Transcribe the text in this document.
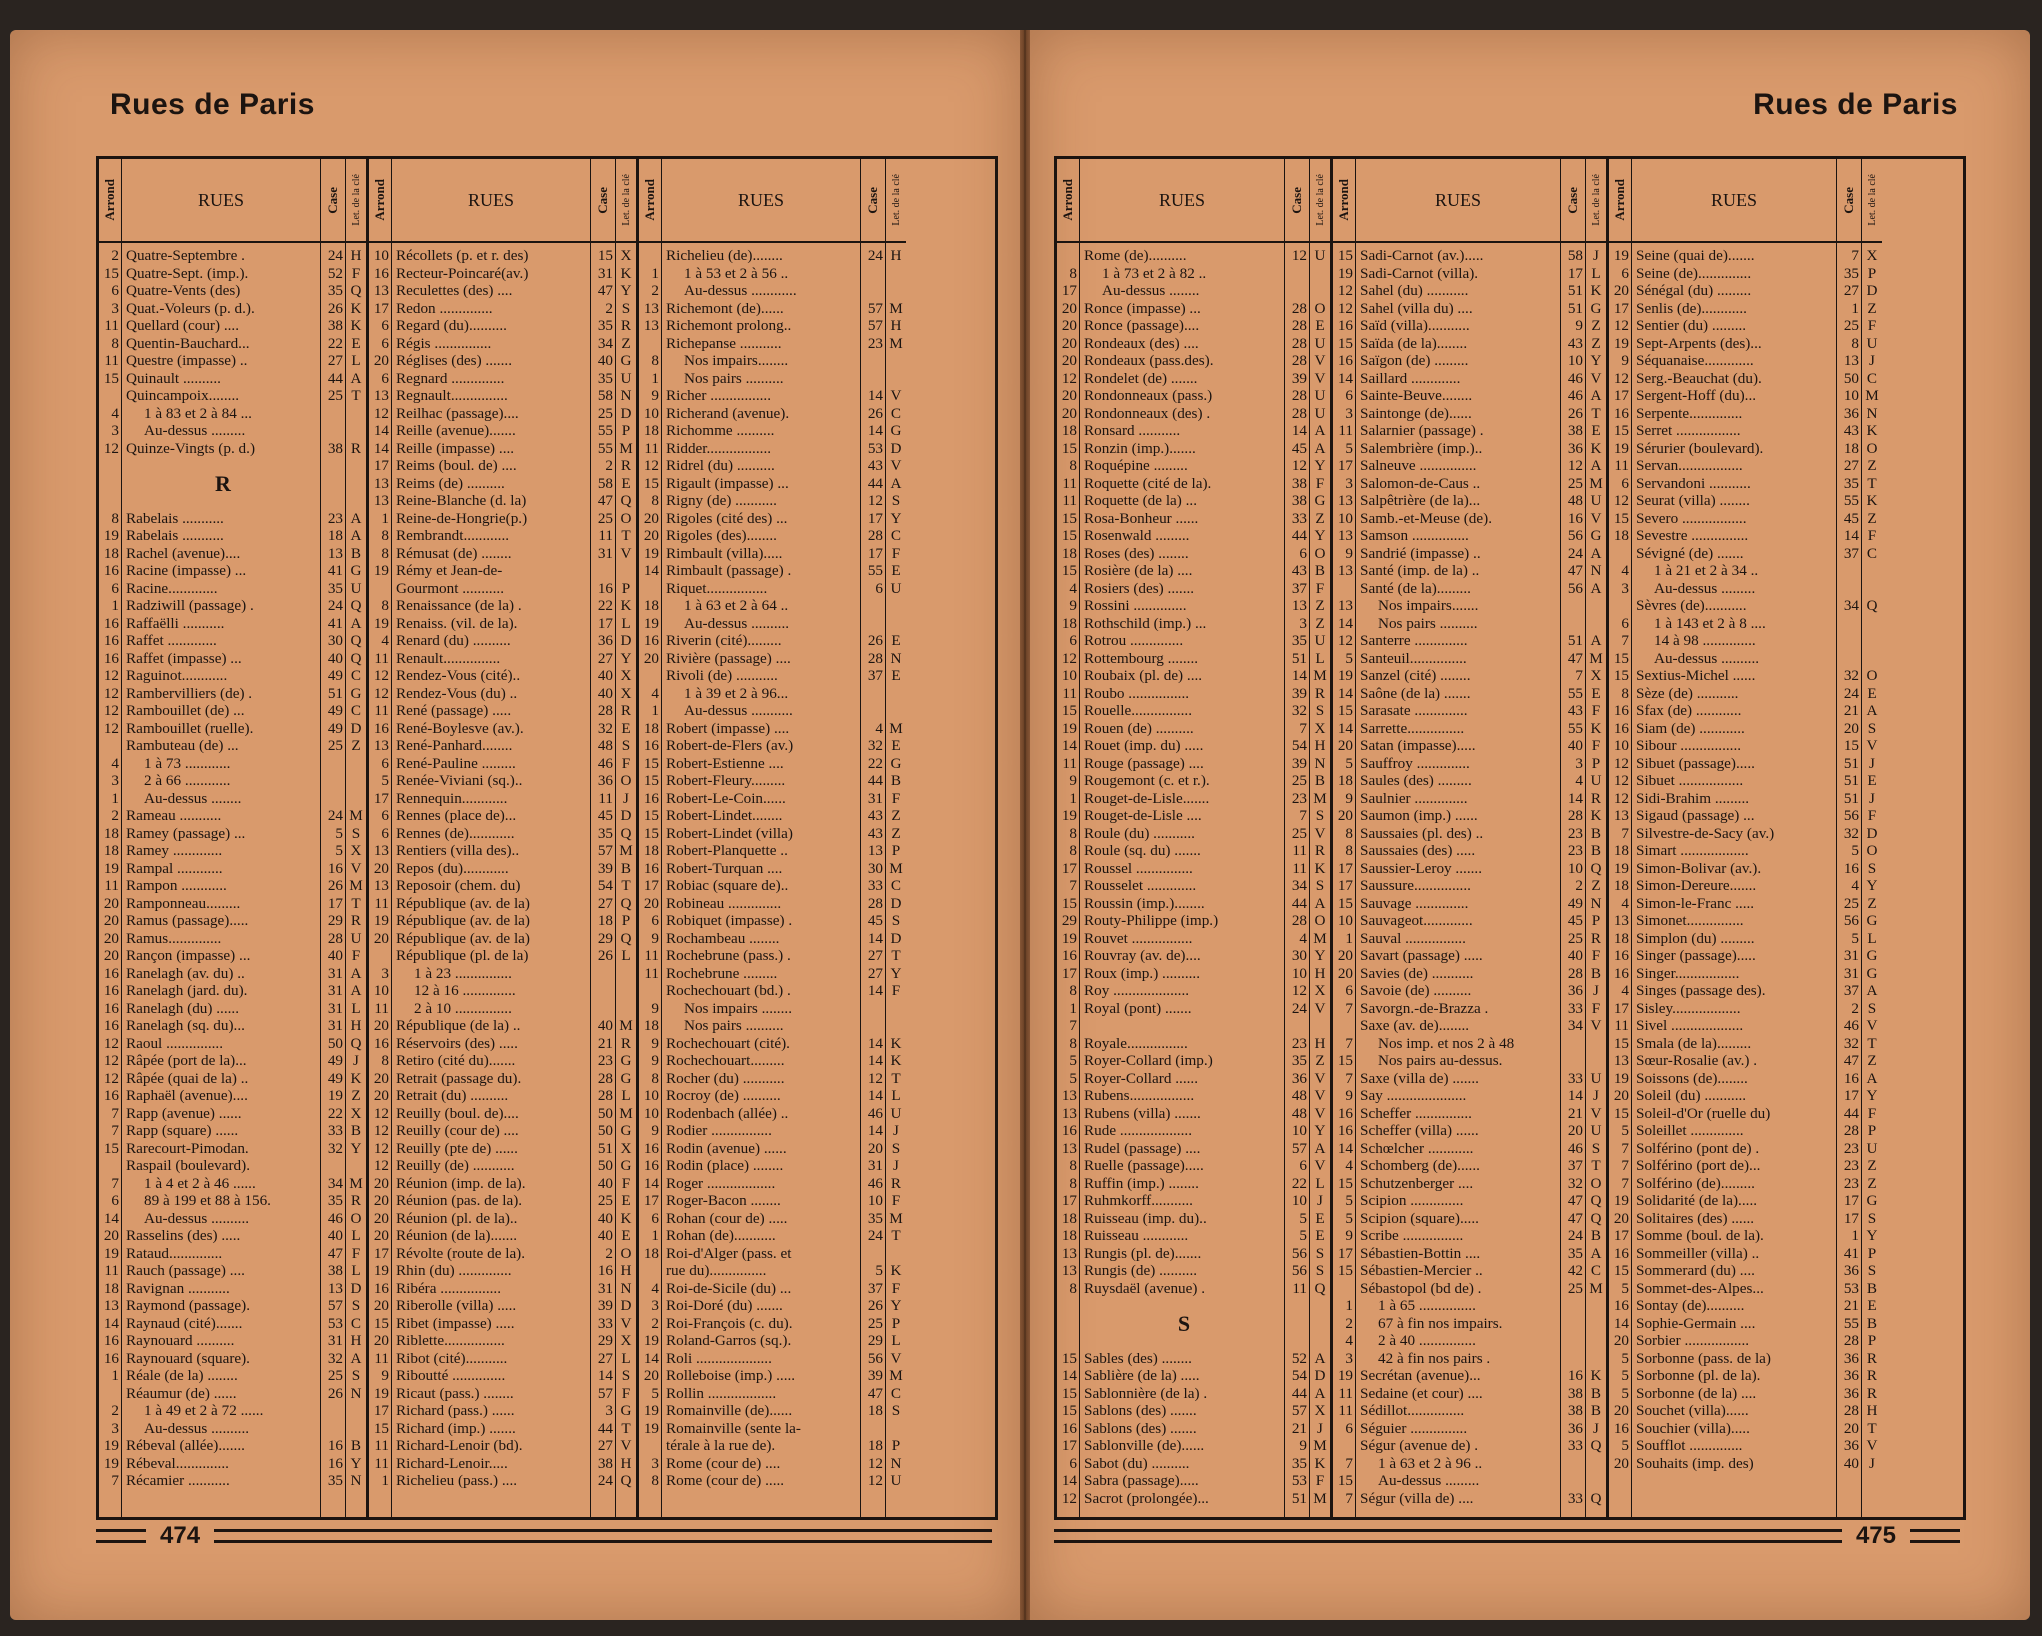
Rues de Paris
Arrond
2
15
6
3
11
8
11
15
4
3
12
8
19
18
16
6
1
16
16
16
12
12
12
12
4
3
1
2
18
18
19
11
20
20
20
20
16
16
16
16
12
12
12
16
7
7
15
7
6
14
20
19
11
18
13
14
16
16
1
2
3
19
19
7
RUES
Quatre-Septembre .
Quatre-Sept. (imp.).
Quatre-Vents (des)
Quat.-Voleurs (p. d.).
Quellard (cour) ....
Quentin-Bauchard...
Questre (impasse) ..
Quinault ..........
Quincampoix........
1 à 83 et 2 à 84 ...
Au-dessus .........
Quinze-Vingts (p. d.)
R
Rabelais ...........
Rabelais ...........
Rachel (avenue)....
Racine (impasse) ...
Racine.............
Radziwill (passage) .
Raffaëlli ...........
Raffet .............
Raffet (impasse) ...
Raguinot............
Rambervilliers (de) .
Rambouillet (de) ...
Rambouillet (ruelle).
Rambuteau (de) ...
1 à 73 ............
2 à 66 ............
Au-dessus ........
Rameau ...........
Ramey (passage) ...
Ramey .............
Rampal ............
Rampon ............
Ramponneau.........
Ramus (passage).....
Ramus..............
Rançon (impasse) ...
Ranelagh (av. du) ..
Ranelagh (jard. du).
Ranelagh (du) ......
Ranelagh (sq. du)...
Raoul ...............
Râpée (port de la)...
Râpée (quai de la) ..
Raphaël (avenue)....
Rapp (avenue) ......
Rapp (square) ......
Rarecourt-Pimodan.
Raspail (boulevard).
1 à 4 et 2 à 46 ......
89 à 199 et 88 à 156.
Au-dessus ..........
Rasselins (des) .....
Rataud..............
Rauch (passage) ....
Ravignan ...........
Raymond (passage).
Raynaud (cité).......
Raynouard ..........
Raynouard (square).
Réale (de la) ........
Réaumur (de) ......
1 à 49 et 2 à 72 ......
Au-dessus ..........
Rébeval (allée).......
Rébeval..............
Récamier ...........
Case
24
52
35
26
38
22
27
44
25
38
23
18
13
41
35
24
41
30
40
49
51
49
49
25
24
5
5
16
26
17
29
28
40
31
31
31
31
50
49
49
19
22
33
32
34
35
46
40
47
38
13
57
53
31
32
25
26
16
16
35
Let. de la clé
H
F
Q
K
K
E
L
A
T
R
A
A
B
G
U
Q
A
Q
Q
C
G
C
D
Z
M
S
X
V
M
T
R
U
F
A
A
L
H
Q
J
K
Z
X
B
Y
M
R
O
L
F
L
D
S
C
H
A
S
N
B
Y
N
Arrond
10
16
13
17
6
6
20
6
13
12
14
14
17
13
13
1
8
8
19
8
19
4
11
12
12
11
16
13
6
5
17
6
6
13
20
13
11
19
20
3
10
11
20
16
8
20
20
12
12
12
12
20
20
20
20
17
19
16
20
15
20
11
9
19
17
15
11
11
1
RUES
Récollets (p. et r. des)
Recteur-Poincaré(av.)
Reculettes (des) ....
Redon ..............
Regard (du)..........
Régis ...............
Réglises (des) .......
Regnard ..............
Regnault...............
Reilhac (passage)....
Reille (avenue).......
Reille (impasse) ....
Reims (boul. de) ....
Reims (de) ..........
Reine-Blanche (d. la)
Reine-de-Hongrie(p.)
Rembrandt............
Rémusat (de) ........
Rémy et Jean-de-
Gourmont ...........
Renaissance (de la) .
Renaiss. (vil. de la).
Renard (du) ..........
Renault...............
Rendez-Vous (cité)..
Rendez-Vous (du) ..
René (passage) .....
René-Boylesve (av.).
René-Panhard........
René-Pauline .........
Renée-Viviani (sq.)..
Rennequin............
Rennes (place de)...
Rennes (de)............
Rentiers (villa des)..
Repos (du)............
Reposoir (chem. du)
République (av. de la)
République (av. de la)
République (av. de la)
République (pl. de la)
1 à 23 ...............
12 à 16 ..............
2 à 10 ...............
République (de la) ..
Réservoirs (des) .....
Retiro (cité du).......
Retrait (passage du).
Retrait (du) ..........
Reuilly (boul. de)....
Reuilly (cour de) ....
Reuilly (pte de) ......
Reuilly (de) ...........
Réunion (imp. de la).
Réunion (pas. de la).
Réunion (pl. de la)..
Réunion (de la).......
Révolte (route de la).
Rhin (du) ..............
Ribéra ................
Riberolle (villa) .....
Ribet (impasse) .....
Riblette................
Ribot (cité)...........
Riboutté ..............
Ricaut (pass.) ........
Richard (pass.) ......
Richard (imp.) .......
Richard-Lenoir (bd).
Richard-Lenoir.....
Richelieu (pass.) ....
Case
15
31
47
2
35
34
40
35
58
25
55
55
2
58
47
25
11
31
16
22
17
36
27
40
40
28
32
48
46
36
11
45
35
57
39
54
27
18
29
26
40
21
23
28
28
50
50
51
50
40
25
40
40
2
16
31
39
33
29
27
14
57
3
44
27
38
24
Let. de la clé
X
K
Y
S
R
Z
G
U
N
D
P
M
R
E
Q
O
T
V
P
K
L
D
Y
X
X
R
E
S
F
O
J
D
Q
M
B
T
Q
P
Q
L
M
R
G
G
L
M
G
X
G
F
E
K
E
O
H
N
D
V
X
L
S
F
G
T
V
H
Q
Arrond
1
2
13
13
8
1
9
10
18
11
12
15
8
20
20
19
14
18
19
16
20
4
1
18
16
15
15
16
15
15
18
16
17
20
6
9
11
11
9
18
9
9
8
10
10
9
16
16
14
17
6
1
18
4
3
2
19
14
20
5
19
19
3
8
RUES
Richelieu (de)........
1 à 53 et 2 à 56 ..
Au-dessus ............
Richemont (de)......
Richemont prolong..
Richepanse ...........
Nos impairs........
Nos pairs ..........
Richer ................
Richerand (avenue).
Richomme ..........
Ridder.................
Ridrel (du) ..........
Rigault (impasse) ...
Rigny (de) ...........
Rigoles (cité des) ...
Rigoles (des)........
Rimbault (villa).....
Rimbault (passage) .
Riquet................
1 à 63 et 2 à 64 ..
Au-dessus ..........
Riverin (cité).........
Rivière (passage) ....
Rivoli (de) ...........
1 à 39 et 2 à 96...
Au-dessus ...........
Robert (impasse) ....
Robert-de-Flers (av.)
Robert-Estienne ....
Robert-Fleury.........
Robert-Le-Coin......
Robert-Lindet........
Robert-Lindet (villa)
Robert-Planquette ..
Robert-Turquan ....
Robiac (square de)..
Robineau ..............
Robiquet (impasse) .
Rochambeau ........
Rochebrune (pass.) .
Rochebrune .........
Rochechouart (bd.) .
Nos impairs ........
Nos pairs ..........
Rochechouart (cité).
Rochechouart.........
Rocher (du) ...........
Rocroy (de) ..........
Rodenbach (allée) ..
Rodier ................
Rodin (avenue) ......
Rodin (place) ........
Roger ..................
Roger-Bacon ........
Rohan (cour de) .....
Rohan (de)...........
Roi-d'Alger (pass. et
rue du)...............
Roi-de-Sicile (du) ...
Roi-Doré (du) .......
Roi-François (c. du).
Roland-Garros (sq.).
Roli ....................
Rolleboise (imp.) .....
Rollin ..................
Romainville (de)......
Romainville (sente la-
térale à la rue de).
Rome (cour de) ....
Rome (cour de) .....
Case
24
57
57
23
14
26
14
53
43
44
12
17
28
17
55
6
26
28
37
4
32
22
44
31
43
43
13
30
33
28
45
14
27
27
14
14
14
12
14
46
14
20
31
46
10
35
24
5
37
26
25
29
56
39
47
18
18
12
12
Let. de la clé
H
M
H
M
V
C
G
D
V
A
S
Y
C
F
E
U
E
N
E
M
E
G
B
F
Z
Z
P
M
C
D
S
D
T
Y
F
K
K
T
L
U
J
S
J
R
F
M
T
K
F
Y
P
L
V
M
C
S
P
N
U
474
Rues de Paris
Arrond
8
17
20
20
20
20
12
20
20
18
15
8
11
11
15
15
18
15
4
9
18
6
12
10
11
15
19
14
11
9
1
19
8
8
17
7
15
29
19
16
17
8
1
7
8
5
5
13
13
16
13
8
8
17
18
18
13
13
8
15
14
15
15
16
17
6
14
12
RUES
Rome (de)..........
1 à 73 et 2 à 82 ..
Au-dessus ........
Ronce (impasse) ...
Ronce (passage)....
Rondeaux (des) ....
Rondeaux (pass.des).
Rondelet (de) .......
Rondonneaux (pass.)
Rondonneaux (des) .
Ronsard ...........
Ronzin (imp.).......
Roquépine .........
Roquette (cité de la).
Roquette (de la) ...
Rosa-Bonheur ......
Rosenwald .........
Roses (des) ........
Rosière (de la) ....
Rosiers (des) .......
Rossini ..............
Rothschild (imp.) ...
Rotrou ..............
Rottembourg ........
Roubaix (pl. de) ....
Roubo ................
Rouelle................
Rouen (de) ..........
Rouet (imp. du) .....
Rouge (passage) ....
Rougemont (c. et r.).
Rouget-de-Lisle.......
Rouget-de-Lisle ....
Roule (du) ...........
Roule (sq. du) .......
Roussel ...............
Rousselet .............
Roussin (imp.)........
Routy-Philippe (imp.)
Rouvet ................
Rouvray (av. de)....
Roux (imp.) ..........
Roy ....................
Royal (pont) .......
Royale................
Royer-Collard (imp.)
Royer-Collard ......
Rubens.................
Rubens (villa) .......
Rude ...................
Rudel (passage) ....
Ruelle (passage).....
Ruffin (imp.) ........
Ruhmkorff...........
Ruisseau (imp. du)..
Ruisseau ............
Rungis (pl. de).......
Rungis (de) ..........
Ruysdaël (avenue) .
S
Sables (des) ........
Sablière (de la) .....
Sablonnière (de la) .
Sablons (des) .......
Sablons (des) .......
Sablonville (de)......
Sabot (du) ..........
Sabra (passage).....
Sacrot (prolongée)...
Case
12
28
28
28
28
39
28
28
14
45
12
38
38
33
44
6
43
37
13
3
35
51
14
39
32
7
54
39
25
23
7
25
11
11
34
44
28
4
30
10
12
24
23
35
36
48
48
10
57
6
22
10
5
5
56
56
11
52
54
44
57
21
9
35
53
51
Let. de la clé
U
O
E
U
V
V
U
U
A
A
Y
F
G
Z
Y
O
B
F
Z
Z
U
L
M
R
S
X
H
N
B
M
S
V
R
K
S
A
O
M
Y
H
X
V
H
Z
V
V
V
Y
A
V
L
J
E
E
S
S
Q
A
D
A
X
J
M
K
F
M
Arrond
15
19
12
12
16
15
16
14
6
3
11
5
17
3
13
10
13
9
13
13
14
12
5
19
14
15
14
20
5
18
9
20
8
8
17
17
15
10
1
20
20
6
7
7
15
7
9
16
16
14
4
15
5
5
9
17
15
1
2
4
3
19
11
11
6
7
15
7
RUES
Sadi-Carnot (av.).....
Sadi-Carnot (villa).
Sahel (du) ...........
Sahel (villa du) ....
Saïd (villa)...........
Saïda (de la)........
Saïgon (de) .........
Saillard .............
Sainte-Beuve........
Saintonge (de)......
Salarnier (passage) .
Salembrière (imp.)..
Salneuve ...............
Salomon-de-Caus ..
Salpêtrière (de la)...
Samb.-et-Meuse (de).
Samson ...............
Sandrié (impasse) ..
Santé (imp. de la) ..
Santé (de la).........
Nos impairs.......
Nos pairs ..........
Santerre ..............
Santeuil...............
Sanzel (cité) ........
Saône (de la) .......
Sarasate ..............
Sarrette...............
Satan (impasse).....
Sauffroy ..............
Saules (des) .........
Saulnier ..............
Saumon (imp.) ......
Saussaies (pl. des) ..
Saussaies (des) .....
Saussier-Leroy .......
Saussure...............
Sauvage ..............
Sauvageot.............
Sauval ................
Savart (passage) .....
Savies (de) ...........
Savoie (de) ..........
Savorgn.-de-Brazza .
Saxe (av. de)........
Nos imp. et nos 2 à 48
Nos pairs au-dessus.
Saxe (villa de) .......
Say .....................
Scheffer ...............
Scheffer (villa) ......
Schœlcher ............
Schomberg (de)......
Schutzenberger ....
Scipion ..............
Scipion (square).....
Scribe ................
Sébastien-Bottin ....
Sébastien-Mercier ..
Sébastopol (bd de) .
1 à 65 ...............
67 à fin nos impairs.
2 à 40 ...............
42 à fin nos pairs .
Secrétan (avenue)...
Sedaine (et cour) ....
Sédillot...............
Séguier ...............
Ségur (avenue de) .
1 à 63 et 2 à 96 ..
Au-dessus .........
Ségur (villa de) ....
Case
58
17
51
51
9
43
10
46
46
26
38
36
12
25
48
16
56
24
47
56
51
47
7
55
43
55
40
3
4
14
28
23
23
10
2
49
45
25
40
28
36
33
34
33
14
21
20
46
37
32
47
47
24
35
42
25
16
38
38
36
33
33
Let. de la clé
J
L
K
G
Z
Z
Y
V
A
T
E
K
A
M
U
V
G
A
N
A
A
M
X
E
F
K
F
P
U
R
K
B
B
Q
Z
N
P
R
F
B
J
F
V
U
J
V
U
S
T
O
Q
Q
B
A
C
M
K
B
B
J
Q
Q
Arrond
19
6
20
17
12
19
9
12
17
16
15
19
11
6
12
15
18
4
3
6
7
15
15
8
16
16
10
12
12
12
13
7
18
19
18
4
13
18
16
16
4
17
11
15
13
19
20
15
5
7
7
7
19
20
17
16
15
5
16
14
20
5
5
5
20
16
5
20
RUES
Seine (quai de).......
Seine (de)..............
Sénégal (du) .........
Senlis (de)............
Sentier (du) .........
Sept-Arpents (des)...
Séquanaise.............
Serg.-Beauchat (du).
Sergent-Hoff (du)...
Serpente..............
Serret .................
Sérurier (boulevard).
Servan.................
Servandoni ...........
Seurat (villa) ........
Severo .................
Sevestre ...............
Sévigné (de) .......
1 à 21 et 2 à 34 ..
Au-dessus .........
Sèvres (de)...........
1 à 143 et 2 à 8 ....
14 à 98 ..............
Au-dessus ..........
Sextius-Michel ......
Sèze (de) ...........
Sfax (de) ............
Siam (de) ............
Sibour ................
Sibuet (passage).....
Sibuet .................
Sidi-Brahim .........
Sigaud (passage) ...
Silvestre-de-Sacy (av.)
Simart ..................
Simon-Bolivar (av.).
Simon-Dereure.......
Simon-le-Franc .....
Simonet...............
Simplon (du) .........
Singer (passage).....
Singer.................
Singes (passage des).
Sisley..................
Sivel ...................
Smala (de la).........
Sœur-Rosalie (av.) .
Soissons (de)........
Soleil (du) ...........
Soleil-d'Or (ruelle du)
Soleillet ..............
Solférino (pont de) .
Solférino (port de)...
Solférino (de).........
Solidarité (de la).....
Solitaires (des) ......
Somme (boul. de la).
Sommeiller (villa) ..
Sommerard (du) ....
Sommet-des-Alpes...
Sontay (de)..........
Sophie-Germain ....
Sorbier .................
Sorbonne (pass. de la)
Sorbonne (pl. de la).
Sorbonne (de la) ....
Souchet (villa)......
Souchier (villa).....
Soufflot ..............
Souhaits (imp. des)
Case
7
35
27
1
25
8
13
50
10
36
43
18
27
35
55
45
14
37
34
32
24
21
20
15
51
51
51
56
32
5
16
4
25
56
5
31
31
37
2
46
32
47
16
17
44
28
23
23
23
17
17
1
41
36
53
21
55
28
36
36
36
28
20
36
40
Let. de la clé
X
P
D
Z
F
U
J
C
M
N
K
O
Z
T
K
Z
F
C
Q
O
E
A
S
V
J
E
J
F
D
O
S
Y
Z
G
L
G
G
A
S
V
T
Z
A
Y
F
P
U
Z
Z
G
S
Y
P
S
B
E
B
P
R
R
R
H
T
V
J
475
